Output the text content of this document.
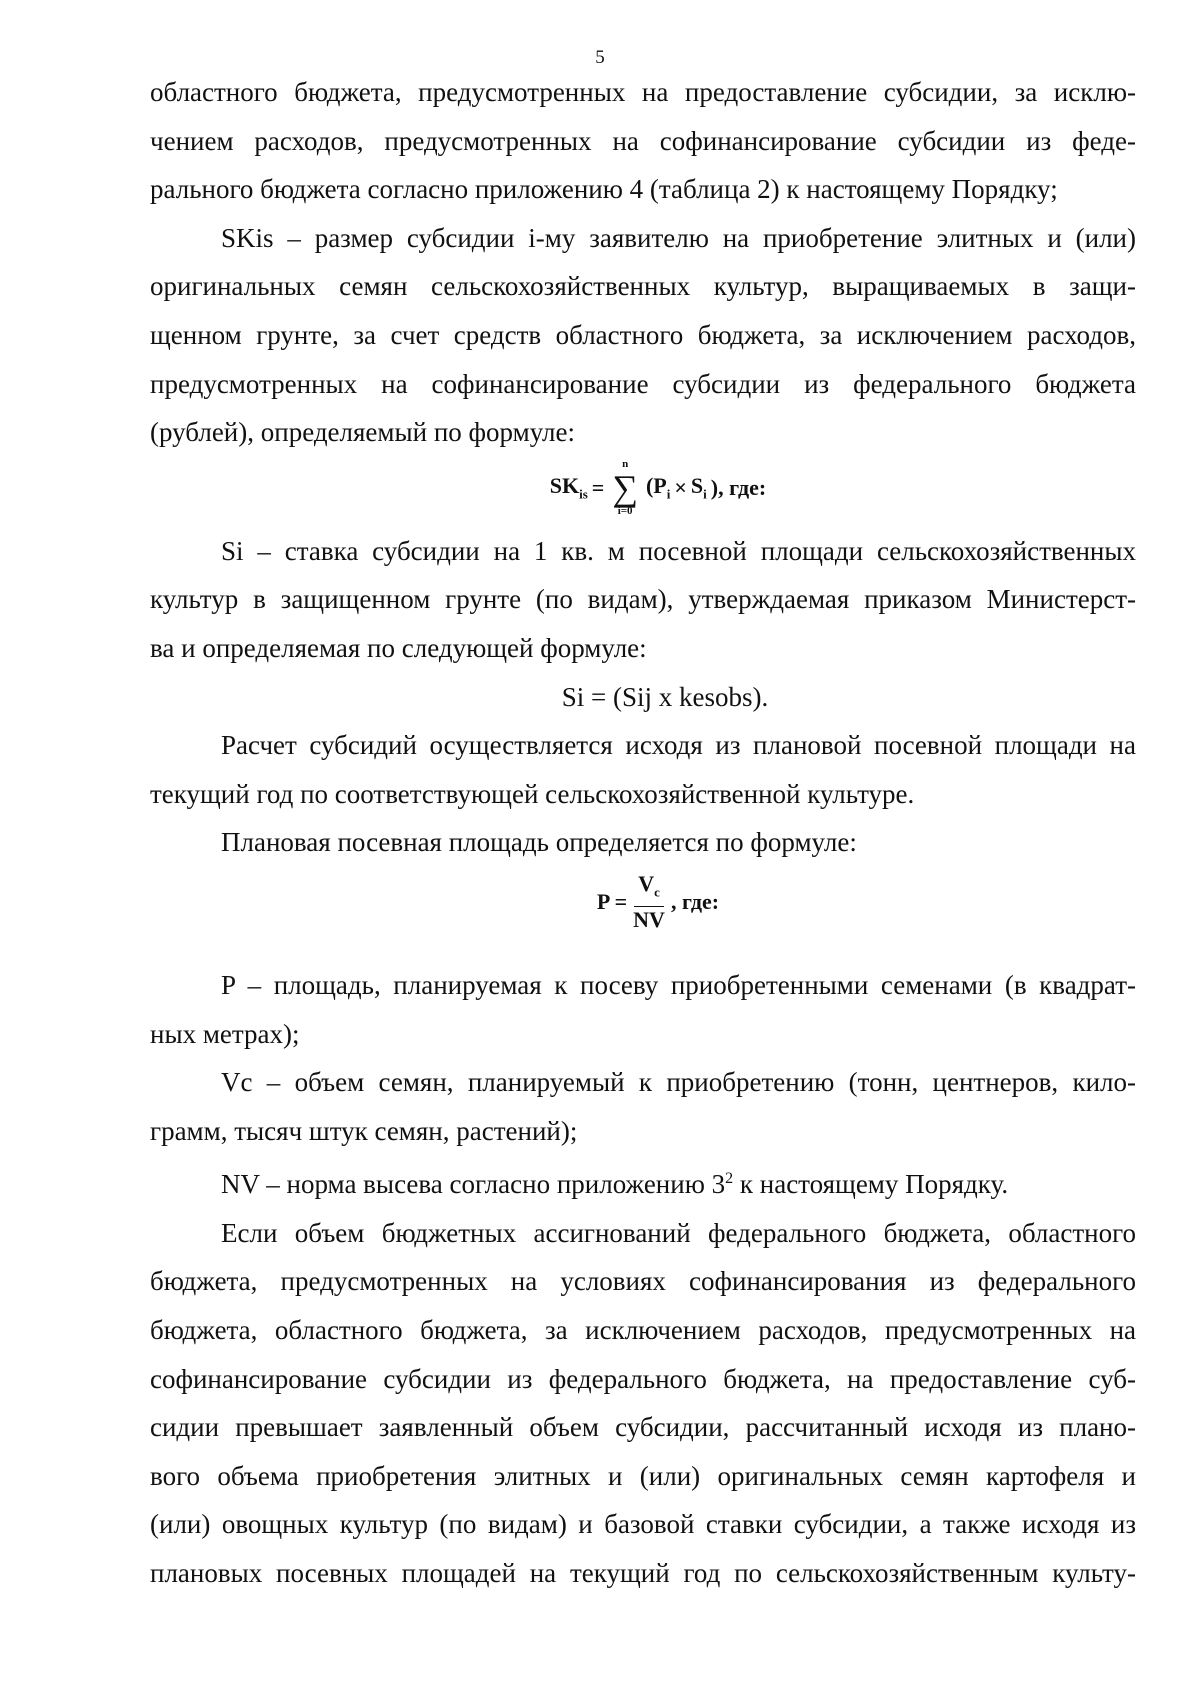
5

областного бюджета, предусмотренных на предоставление субсидии, за исклю-

чением расходов, предусмотренных на софинансирование субсидии из феде-

рального бюджета согласно приложению 4 (таблица 2) к настоящему Порядку;

SKis – размер субсидии i-му заявителю на приобретение элитных и (или)

оригинальных семян сельскохозяйственных культур, выращиваемых в защи-

щенном грунте, за счет средств областного бюджета, за исключением расходов,

предусмотренных на софинансирование субсидии из федерального бюджета

(рублей), определяемый по формуле:

$SK_{is}$ =
n
∑
i=0
($P_i \times S_i$ ), где:

Si – ставка субсидии на 1 кв. м посевной площади сельскохозяйственных

культур в защищенном грунте (по видам), утверждаемая приказом Министерст-

ва и определяемая по следующей формуле:

Si = (Sij x kesobs).

Расчет субсидий осуществляется исходя из плановой посевной площади на

текущий год по соответствующей сельскохозяйственной культуре.

Плановая посевная площадь определяется по формуле:

$P = \frac{V_c}{NV}$ , где:

P – площадь, планируемая к посеву приобретенными семенами (в квадрат-

ных метрах);

Vc – объем семян, планируемый к приобретению (тонн, центнеров, кило-

грамм, тысяч штук семян, растений);

NV – норма высева согласно приложению $3^2$ к настоящему Порядку.

Если объем бюджетных ассигнований федерального бюджета, областного

бюджета, предусмотренных на условиях софинансирования из федерального

бюджета, областного бюджета, за исключением расходов, предусмотренных на

софинансирование субсидии из федерального бюджета, на предоставление суб-

сидии превышает заявленный объем субсидии, рассчитанный исходя из плано-

вого объема приобретения элитных и (или) оригинальных семян картофеля и

(или) овощных культур (по видам) и базовой ставки субсидии, а также исходя из

плановых посевных площадей на текущий год по сельскохозяйственным культу-
